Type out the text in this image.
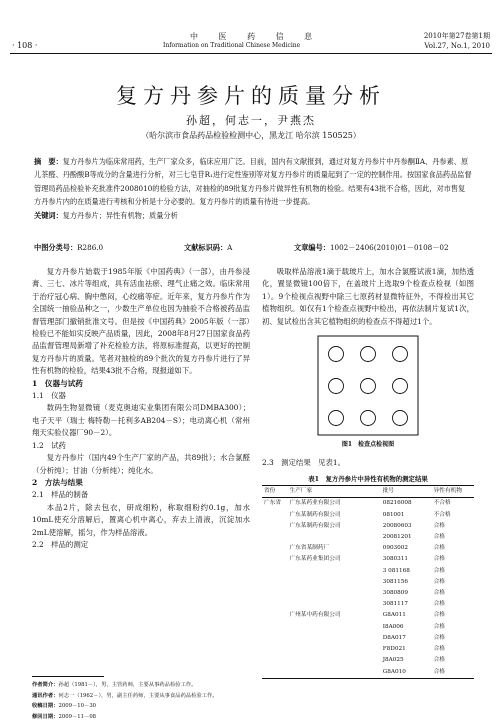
· 108 ·
中 医 药 信 息
Information on Traditional Chinese Medicine
2010年第27卷第1期
Vol.27, No.1, 2010
复方丹参片的质量分析
孙超，何志一，尹燕杰
（哈尔滨市食品药品检验检测中心，黑龙江 哈尔滨 150525）
摘　要：复方丹参片为临床常用药，生产厂家众多，临床应用广泛。目前，国内有文献报到，通过对复方丹参片中丹参酮ⅡA、丹参素、原儿茶醛、丹酚酸B等成分的含量进行分析，对三七皂苷R₁进行定性鉴别等对复方丹参片的质量起到了一定的控制作用。按国家食品药品监督管理局药品检验补充批准件2008010的检验方法，对抽检的89批复方丹参片做异性有机物的检验。结果有43批不合格，因此，对市售复方丹参片内的在质量进行考核和分析是十分必要的。复方丹参片的质量有待进一步提高。
关键词：复方丹参片；异性有机物；质量分析
中图分类号：R286.0	文献标识码：A	文章编号：1002－2406(2010)01－0108－02

复方丹参片始载于1985年版《中国药典》（一部），由丹参浸膏、三七、冰片等组成，具有活血祛瘀、理气止痛之效。临床常用于治疗冠心病、胸中憋闷，心绞痛等症。近年来，复方丹参片作为全国统一抽验品种之一，少数生产单位也因为抽验不合格被药品监督管理部门撤销批准文号。但是按《中国药典》2005年版（一部）检验已不能如实反映产品质量，因此，2008年8月27日国家食品药品监督管理局新增了补充检验方法，将原标准提高，以更好的控制复方丹参片的质量。笔者对抽检的89个批次的复方丹参片进行了异性有机物的检验，结果43批不合格，现报道如下。

1　仪器与试药
1.1　仪器

数码生物显微镜（麦克奥迪实业集团有限公司DMBA300）；电子天平（瑞士 梅特勒－托利多AB204－S）；电动离心机（常州翔天实验仪器厂90－2）。

1.2　试药

复方丹参片（国内49个生产厂家的产品，共89批）；水合氯醛（分析纯）；甘油（分析纯）；纯化水。

2　方法与结果
2.1　样品的制备

本品2片，除去包衣，研成细粉，称取细粉约0.1g，加水10mL使充分溶解后，置离心机中离心，弃去上清液，沉淀加水2mL使溶解，摇匀，作为样品溶液。

2.2　样品的测定

吸取样品溶液1滴于载玻片上，加水合氯醛试液1滴，加热透化，置显微镜100倍下，在盖玻片上选取9个检查点检视（如图1）。9个检视点视野中除三七原药材显微特征外，不得检出其它植物组织。如仅有1个检查点视野中检出，再依法制片复试1次，初、复试检出含其它植物组织的检查点不得超过1个。

图1　检查点检视图
2.3　测定结果　见表1。
表1　复方丹参片中异性有机物的测定结果
省份	生产厂家	批号	异性有机物
广东省	广东某药业有限公司	08216008	不合格
	广东某制药有限公司	081001	不合格
	广东某制药有限公司	20080603	合格
		20081201	合格
	广东省某制药厂	0903002	合格
	广东某药业集团公司	3080311	合格
		3 081168	合格
		3081156	合格
		3080809	合格
		3081117	合格
	广州某中药有限公司	G8A011	合格
		I8A006	合格
		D8A017	合格
		F8D021	合格
		J8A025	合格
		G8A010	合格
作者简介：孙超（1981－），男，主管药师，主要从事药品检验工作。
通讯作者：何志一（1962－），男，副主任药师，主要从事食品药品检验工作。
收稿日期：2009－10－30
修回日期：2009－11－08
